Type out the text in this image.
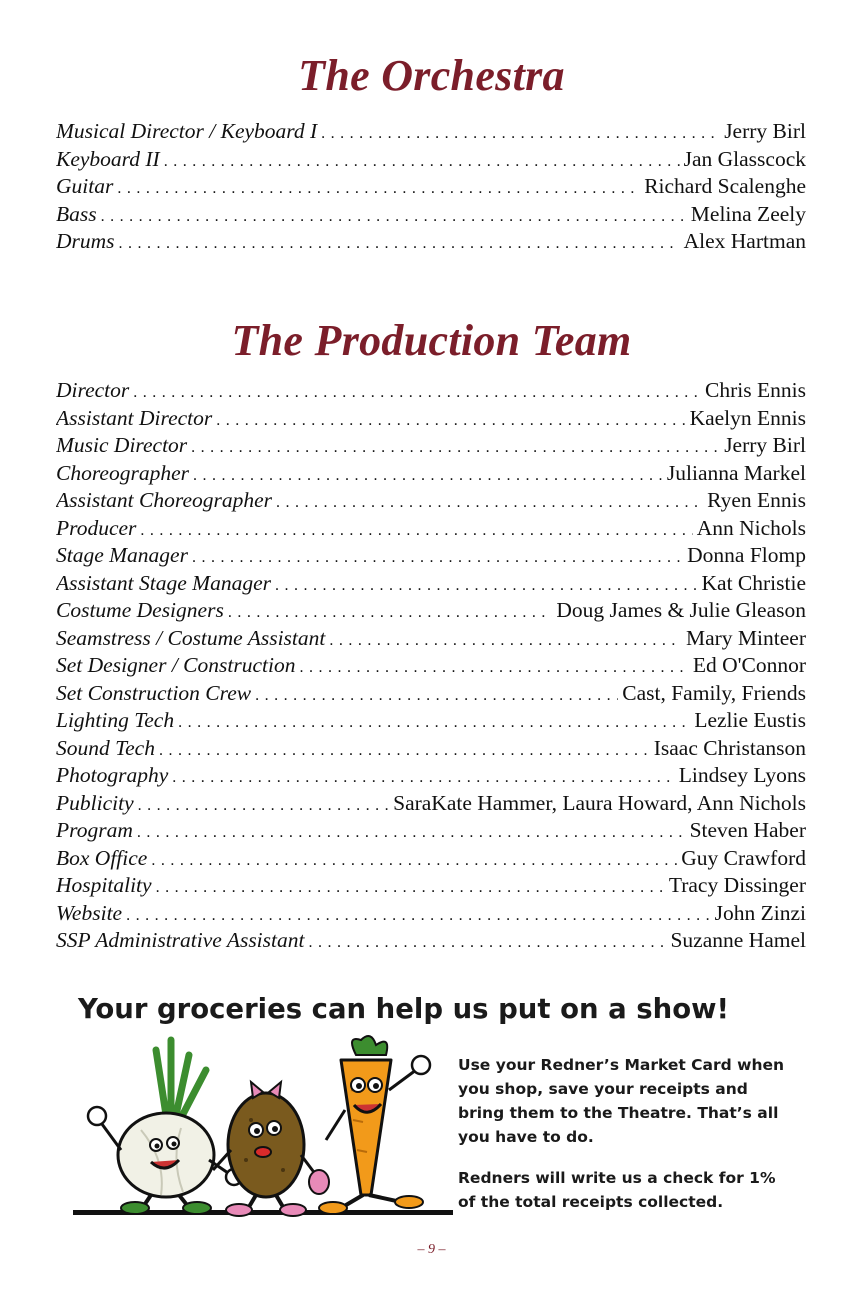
The Orchestra
Musical Director / Keyboard I . . .	Jerry Birl
Keyboard II . . .	Jan Glasscock
Guitar . . .	Richard Scalenghe
Bass . . .	Melina Zeely
Drums . . .	Alex Hartman
The Production Team
Director . . .	Chris Ennis
Assistant Director . . .	Kaelyn Ennis
Music Director . . .	Jerry Birl
Choreographer . . .	Julianna Markel
Assistant Choreographer . . .	Ryen Ennis
Producer . . .	Ann Nichols
Stage Manager . . .	Donna Flomp
Assistant Stage Manager . . .	Kat Christie
Costume Designers . . .	Doug James & Julie Gleason
Seamstress / Costume Assistant . . .	Mary Minteer
Set Designer / Construction . . .	Ed O'Connor
Set Construction Crew . . .	Cast, Family, Friends
Lighting Tech . . .	Lezlie Eustis
Sound Tech . . .	Isaac Christanson
Photography . . .	Lindsey Lyons
Publicity . . .	SaraKate Hammer, Laura Howard, Ann Nichols
Program . . .	Steven Haber
Box Office . . .	Guy Crawford
Hospitality . . .	Tracy Dissinger
Website . . .	John Zinzi
SSP Administrative Assistant . . .	Suzanne Hamel
Your groceries can help us put on a show!

Use your Redner’s Market Card when you shop, save your receipts and bring them to the Theatre. That’s all you have to do.

Redners will write us a check for 1% of the total receipts collected.

– 9 –
